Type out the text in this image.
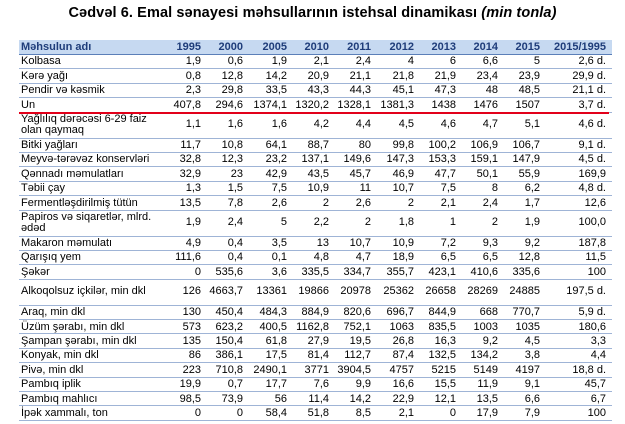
Cədvəl 6. Emal sənayesi məhsullarının istehsal dinamikası (min tonla)
Məhsulun adı	1995	2000	2005	2010	2011	2012	2013	2014	2015	2015/1995
Kolbasa	1,9	0,6	1,9	2,1	2,4	4	6	6,6	5	2,6 d.
Kərə yağı	0,8	12,8	14,2	20,9	21,1	21,8	21,9	23,4	23,9	29,9 d.
Pendir və kəsmik	2,3	29,8	33,5	43,3	44,3	45,1	47,3	48	48,5	21,1 d.
Un	407,8	294,6	1374,1	1320,2	1328,1	1381,3	1438	1476	1507	3,7 d.
Yağlılıq dərəcəsi 6-29 faiz olan qaymaq	1,1	1,6	1,6	4,2	4,4	4,5	4,6	4,7	5,1	4,6 d.
Bitki yağları	11,7	10,8	64,1	88,7	80	99,8	100,2	106,9	106,7	9,1 d.
Meyvə-tərəvəz konservləri	32,8	12,3	23,2	137,1	149,6	147,3	153,3	159,1	147,9	4,5 d.
Qənnadı məmulatları	32,9	23	42,9	43,5	45,7	46,9	47,7	50,1	55,9	169,9
Təbii çay	1,3	1,5	7,5	10,9	11	10,7	7,5	8	6,2	4,8 d.
Fermentləşdirilmiş tütün	13,5	7,8	2,6	2	2,6	2	2,1	2,4	1,7	12,6
Papiros və siqaretlər, mlrd. ədəd	1,9	2,4	5	2,2	2	1,8	1	2	1,9	100,0
Makaron məmulatı	4,9	0,4	3,5	13	10,7	10,9	7,2	9,3	9,2	187,8
Qarışıq yem	111,6	0,4	0,1	4,8	4,7	18,9	6,5	6,5	12,8	11,5
Şəkər	0	535,6	3,6	335,5	334,7	355,7	423,1	410,6	335,6	100
Alkoqolsuz içkilər, min dkl	126	4663,7	13361	19866	20978	25362	26658	28269	24885	197,5 d.
Araq, min dkl	130	450,4	484,3	884,9	820,6	696,7	844,9	668	770,7	5,9 d.
Üzüm şərabı, min dkl	573	623,2	400,5	1162,8	752,1	1063	835,5	1003	1035	180,6
Şampan şərabı, min dkl	135	150,4	61,8	27,9	19,5	26,8	16,3	9,2	4,5	3,3
Konyak, min dkl	86	386,1	17,5	81,4	112,7	87,4	132,5	134,2	3,8	4,4
Pivə, min dkl	223	710,8	2490,1	3771	3904,5	4757	5215	5149	4197	18,8 d.
Pambıq iplik	19,9	0,7	17,7	7,6	9,9	16,6	15,5	11,9	9,1	45,7
Pambıq mahlıcı	98,5	73,9	56	11,4	14,2	22,9	12,1	13,5	6,6	6,7
İpək xammalı, ton	0	0	58,4	51,8	8,5	2,1	0	17,9	7,9	100
